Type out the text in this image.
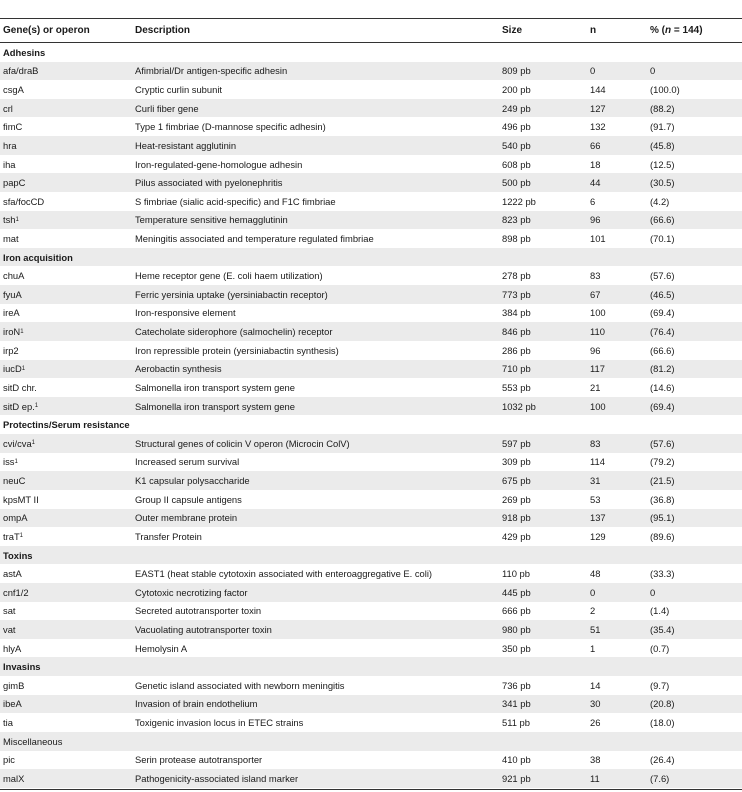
Gene(s) or operon	Description	Size	n	% ( n = 144)
Adhesins
afa/draB	Afimbrial/Dr antigen-specific adhesin	809 pb	0	0
csgA	Cryptic curlin subunit	200 pb	144	(100.0)
crl	Curli fiber gene	249 pb	127	(88.2)
fimC	Type 1 fimbriae (D-mannose specific adhesin)	496 pb	132	(91.7)
hra	Heat-resistant agglutinin	540 pb	66	(45.8)
iha	Iron-regulated-gene-homologue adhesin	608 pb	18	(12.5)
papC	Pilus associated with pyelonephritis	500 pb	44	(30.5)
sfa/focCD	S fimbriae (sialic acid-specific) and F1C fimbriae	1222 pb	6	(4.2)
tsh 1	Temperature sensitive hemagglutinin	823 pb	96	(66.6)
mat	Meningitis associated and temperature regulated fimbriae	898 pb	101	(70.1)
Iron acquisition
chuA	Heme receptor gene (E. coli haem utilization)	278 pb	83	(57.6)
fyuA	Ferric yersinia uptake (yersiniabactin receptor)	773 pb	67	(46.5)
ireA	Iron-responsive element	384 pb	100	(69.4)
iroN 1	Catecholate siderophore (salmochelin) receptor	846 pb	110	(76.4)
irp2	Iron repressible protein (yersiniabactin synthesis)	286 pb	96	(66.6)
iucD 1	Aerobactin synthesis	710 pb	117	(81.2)
sitD chr.	Salmonella iron transport system gene	553 pb	21	(14.6)
sitD ep. 1	Salmonella iron transport system gene	1032 pb	100	(69.4)
Protectins/Serum resistance
cvi/cva 1	Structural genes of colicin V operon (Microcin ColV)	597 pb	83	(57.6)
iss 1	Increased serum survival	309 pb	114	(79.2)
neuC	K1 capsular polysaccharide	675 pb	31	(21.5)
kpsMT II	Group II capsule antigens	269 pb	53	(36.8)
ompA	Outer membrane protein	918 pb	137	(95.1)
traT 1	Transfer Protein	429 pb	129	(89.6)
Toxins
astA	EAST1 (heat stable cytotoxin associated with enteroaggregative E. coli)	110 pb	48	(33.3)
cnf1/2	Cytotoxic necrotizing factor	445 pb	0	0
sat	Secreted autotransporter toxin	666 pb	2	(1.4)
vat	Vacuolating autotransporter toxin	980 pb	51	(35.4)
hlyA	Hemolysin A	350 pb	1	(0.7)
Invasins
gimB	Genetic island associated with newborn meningitis	736 pb	14	(9.7)
ibeA	Invasion of brain endothelium	341 pb	30	(20.8)
tia	Toxigenic invasion locus in ETEC strains	511 pb	26	(18.0)
Miscellaneous
pic	Serin protease autotransporter	410 pb	38	(26.4)
malX	Pathogenicity-associated island marker	921 pb	11	(7.6)
